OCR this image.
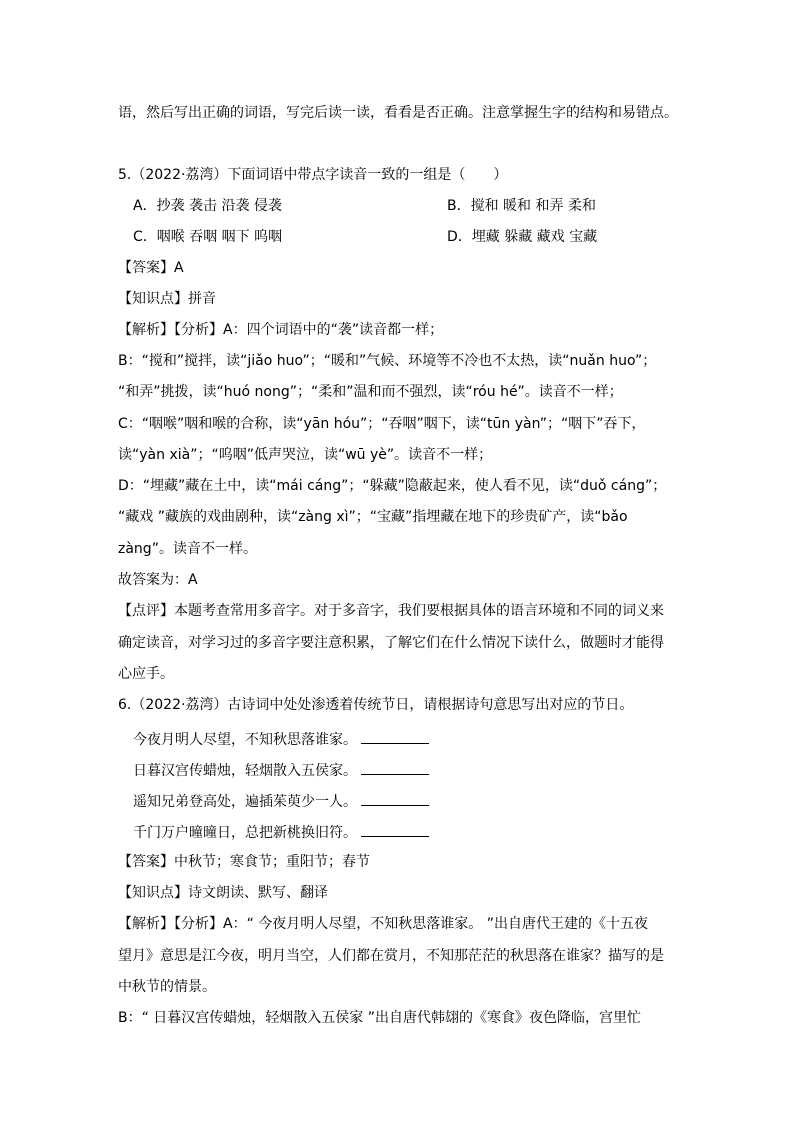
语，然后写出正确的词语，写完后读一读，看看是否正确。注意掌握生字的结构和易错点。
5.（2022·荔湾）下面词语中带点字读音一致的一组是（　　）
A．抄袭 袭击 沿袭 侵袭	B．搅和 暖和 和弄 柔和
C．咽喉 吞咽 咽下 呜咽	D．埋藏 躲藏 藏戏 宝藏
【答案】A
【知识点】拼音
【解析】【分析】A：四个词语中的“袭”读音都一样；
B：“搅和”搅拌，读“jiǎo huo”；“暖和”气候、环境等不冷也不太热，读“nuǎn huo”；
“和弄”挑拨，读“huó nong”；“柔和”温和而不强烈，读“róu hé”。读音不一样；
C：“咽喉”咽和喉的合称，读“yān hóu”；“吞咽”咽下，读“tūn yàn”；“咽下”吞下，
读“yàn xià”；“呜咽”低声哭泣，读“wū yè”。读音不一样；
D：“埋藏”藏在土中，读“mái cáng”；“躲藏”隐蔽起来，使人看不见，读“duǒ cáng”；
“藏戏 ”藏族的戏曲剧种，读“zàng xì”；“宝藏”指埋藏在地下的珍贵矿产，读“bǎo
zàng”。读音不一样。
故答案为：A
【点评】本题考查常用多音字。对于多音字，我们要根据具体的语言环境和不同的词义来
确定读音，对学习过的多音字要注意积累，了解它们在什么情况下读什么，做题时才能得
心应手。
6.（2022·荔湾）古诗词中处处渗透着传统节日，请根据诗句意思写出对应的节日。
今夜月明人尽望，不知秋思落谁家。
日暮汉宫传蜡烛，轻烟散入五侯家。
遥知兄弟登高处，遍插茱萸少一人。
千门万户曈曈日，总把新桃换旧符。
【答案】中秋节；寒食节；重阳节；春节
【知识点】诗文朗读、默写、翻译
【解析】【分析】A：“ 今夜月明人尽望，不知秋思落谁家。 ”出自唐代王建的《十五夜
望月》意思是江今夜，明月当空，人们都在赏月，不知那茫茫的秋思落在谁家？描写的是
中秋节的情景。
B：“ 日暮汉宫传蜡烛，轻烟散入五侯家 ”出自唐代韩翃的《寒食》夜色降临，宫里忙
